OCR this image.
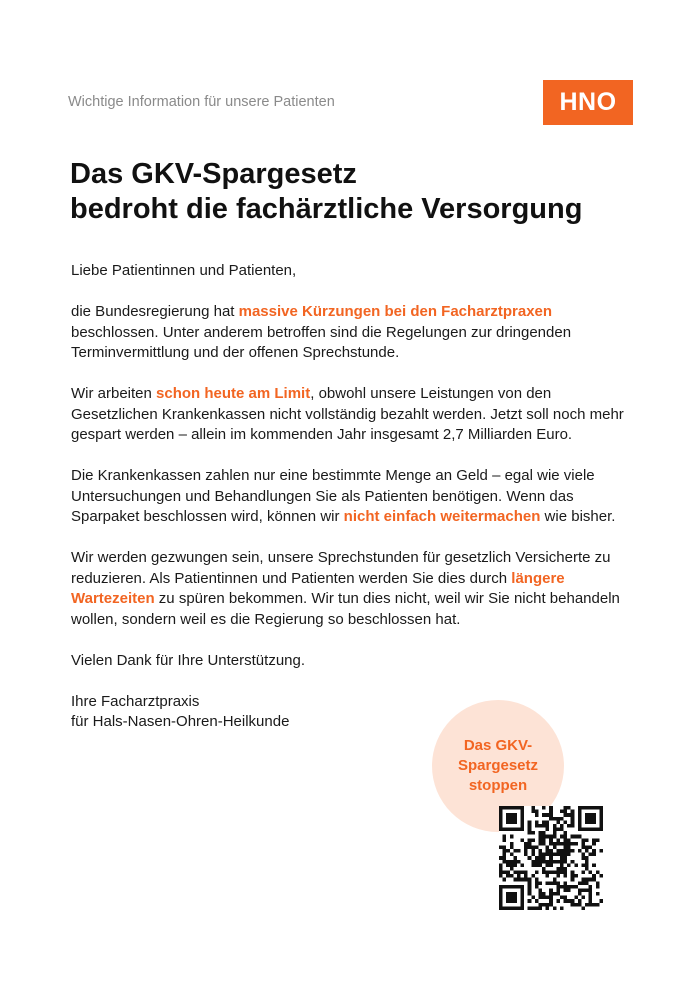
Wichtige Information für unsere Patienten	HNO
Das GKV-Spargesetz
bedroht die fachärztliche Versorgung

Liebe Patientinnen und Patienten,

die Bundesregierung hat massive Kürzungen bei den Facharztpraxen beschlossen. Unter anderem betroffen sind die Regelungen zur dringenden Terminvermittlung und der offenen Sprechstunde.

Wir arbeiten schon heute am Limit, obwohl unsere Leistungen von den Gesetzlichen Krankenkassen nicht vollständig bezahlt werden. Jetzt soll noch mehr gespart werden – allein im kommenden Jahr insgesamt 2,7 Milliarden Euro.

Die Krankenkassen zahlen nur eine bestimmte Menge an Geld – egal wie viele Untersuchungen und Behandlungen Sie als Patienten benötigen. Wenn das Sparpaket beschlossen wird, können wir nicht einfach weitermachen wie bisher.

Wir werden gezwungen sein, unsere Sprechstunden für gesetzlich Versicherte zu reduzieren. Als Patientinnen und Patienten werden Sie dies durch längere Wartezeiten zu spüren bekommen. Wir tun dies nicht, weil wir Sie nicht behandeln wollen, sondern weil es die Regierung so beschlossen hat.

Vielen Dank für Ihre Unterstützung.

Ihre Facharztpraxis
für Hals-Nasen-Ohren-Heilkunde
Das GKV-
Spargesetz
stoppen
